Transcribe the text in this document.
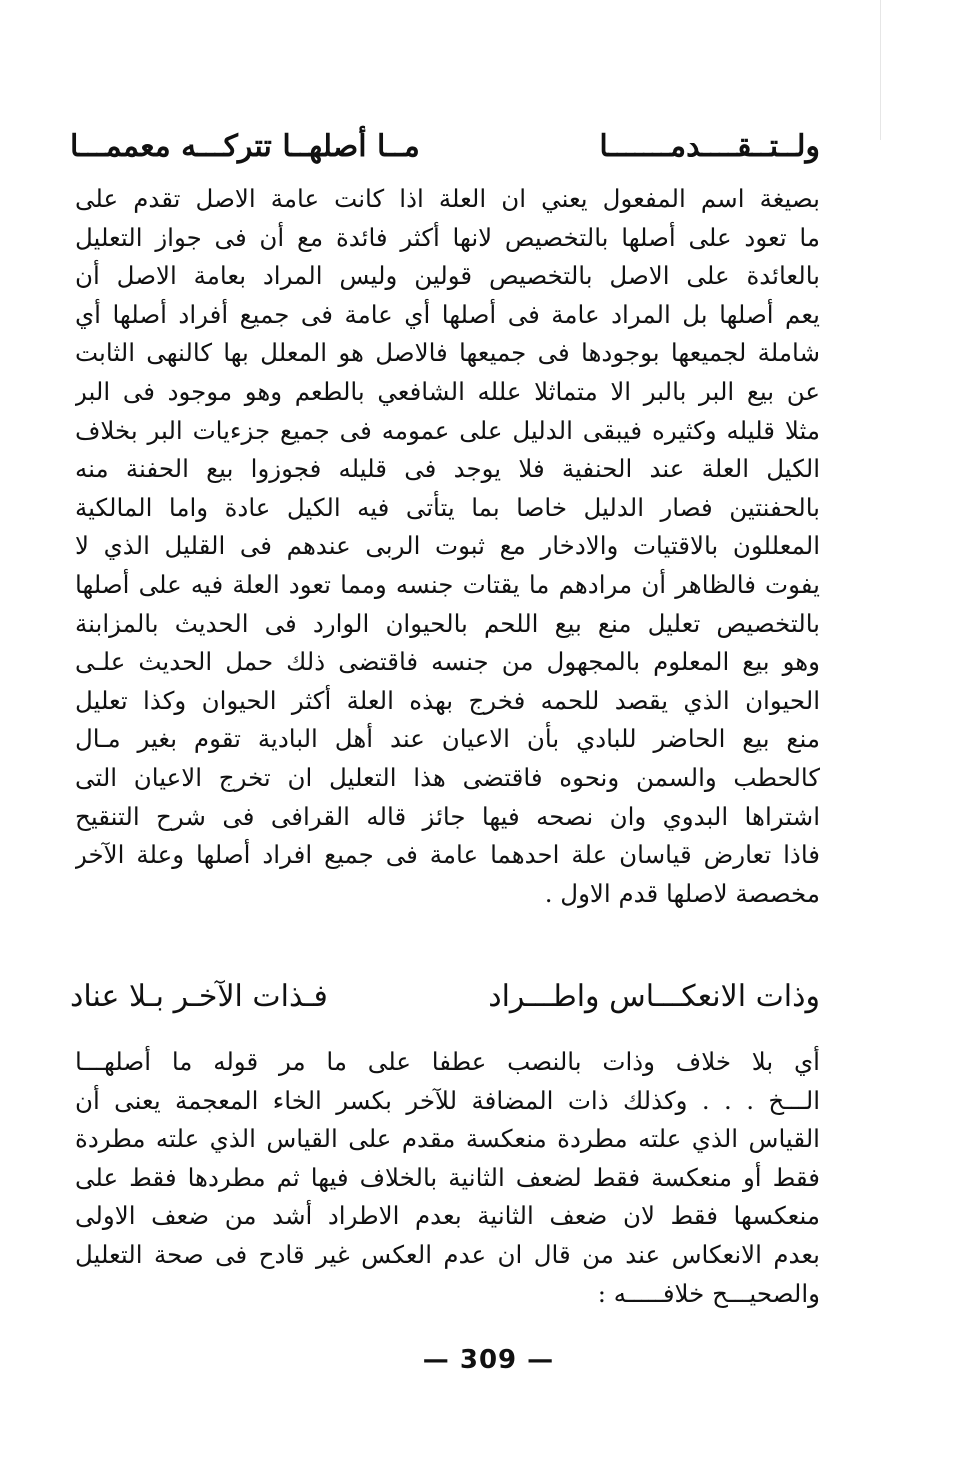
ولــتــقــــدمـــــــا
مــا أصلهــا تتركـــه معممـــا
بصيغة اسم المفعول يعني ان العلة اذا كانت عامة الاصل تقدم على
ما تعود على أصلها بالتخصيص لانها أكثر فائدة مع أن فى جواز التعليل
بالعائدة على الاصل بالتخصيص قولين وليس المراد بعامة الاصل أن
يعم أصلها بل المراد عامة فى أصلها أي عامة فى جميع أفراد أصلها أي
شاملة لجميعها بوجودها فى جميعها فالاصل هو المعلل بها كالنهى الثابت
عن بيع البر بالبر الا متماثلا علله الشافعي بالطعم وهو موجود فى البر
مثلا قليله وكثيره فيبقى الدليل على عمومه فى جميع جزءيات البر بخلاف
الكيل العلة عند الحنفية فلا يوجد فى قليله فجوزوا بيع الحفنة منه
بالحفنتين فصار الدليل خاصا بما يتأتى فيه الكيل عادة واما المالكية
المعللون بالاقتيات والادخار مع ثبوت الربى عندهم فى القليل الذي لا
يفوت فالظاهر أن مرادهم ما يقتات جنسه ومما تعود العلة فيه على أصلها
بالتخصيص تعليل منع بيع اللحم بالحيوان الوارد فى الحديث بالمزابنة
وهو بيع المعلوم بالمجهول من جنسه فاقتضى ذلك حمل الحديث علـى
الحيوان الذي يقصد للحمه فخرج بهذه العلة أكثر الحيوان وكذا تعليل
منع بيع الحاضر للبادي بأن الاعيان عند أهل البادية تقوم بغير مـال
كالحطب والسمن ونحوه فاقتضى هذا التعليل ان تخرج الاعيان التى
اشتراها البدوي وان نصحه فيها جائز قاله القرافى فى شرح التنقيح
فاذا تعارض قياسان علة احدهما عامة فى جميع افراد أصلها وعلة الآخر
مخصصة لاصلها قدم الاول .
وذات الانعكـــاس واطـــراد
فـذات الآخـر بـلا عناد
أي بلا خلاف وذات بالنصب عطفا على ما مر قوله ما أصلهـــا
الـــخ . . . وكذلك ذات المضافة للآخر بكسر الخاء المعجمة يعنى أن
القياس الذي علته مطردة منعكسة مقدم على القياس الذي علته مطردة
فقط أو منعكسة فقط لضعف الثانية بالخلاف فيها ثم مطردها فقط على
منعكسها فقط لان ضعف الثانية بعدم الاطراد أشد من ضعف الاولى
بعدم الانعكاس عند من قال ان عدم العكس غير قادح فى صحة التعليل
والصحيـــح خلافـــــه :
— 309 —
